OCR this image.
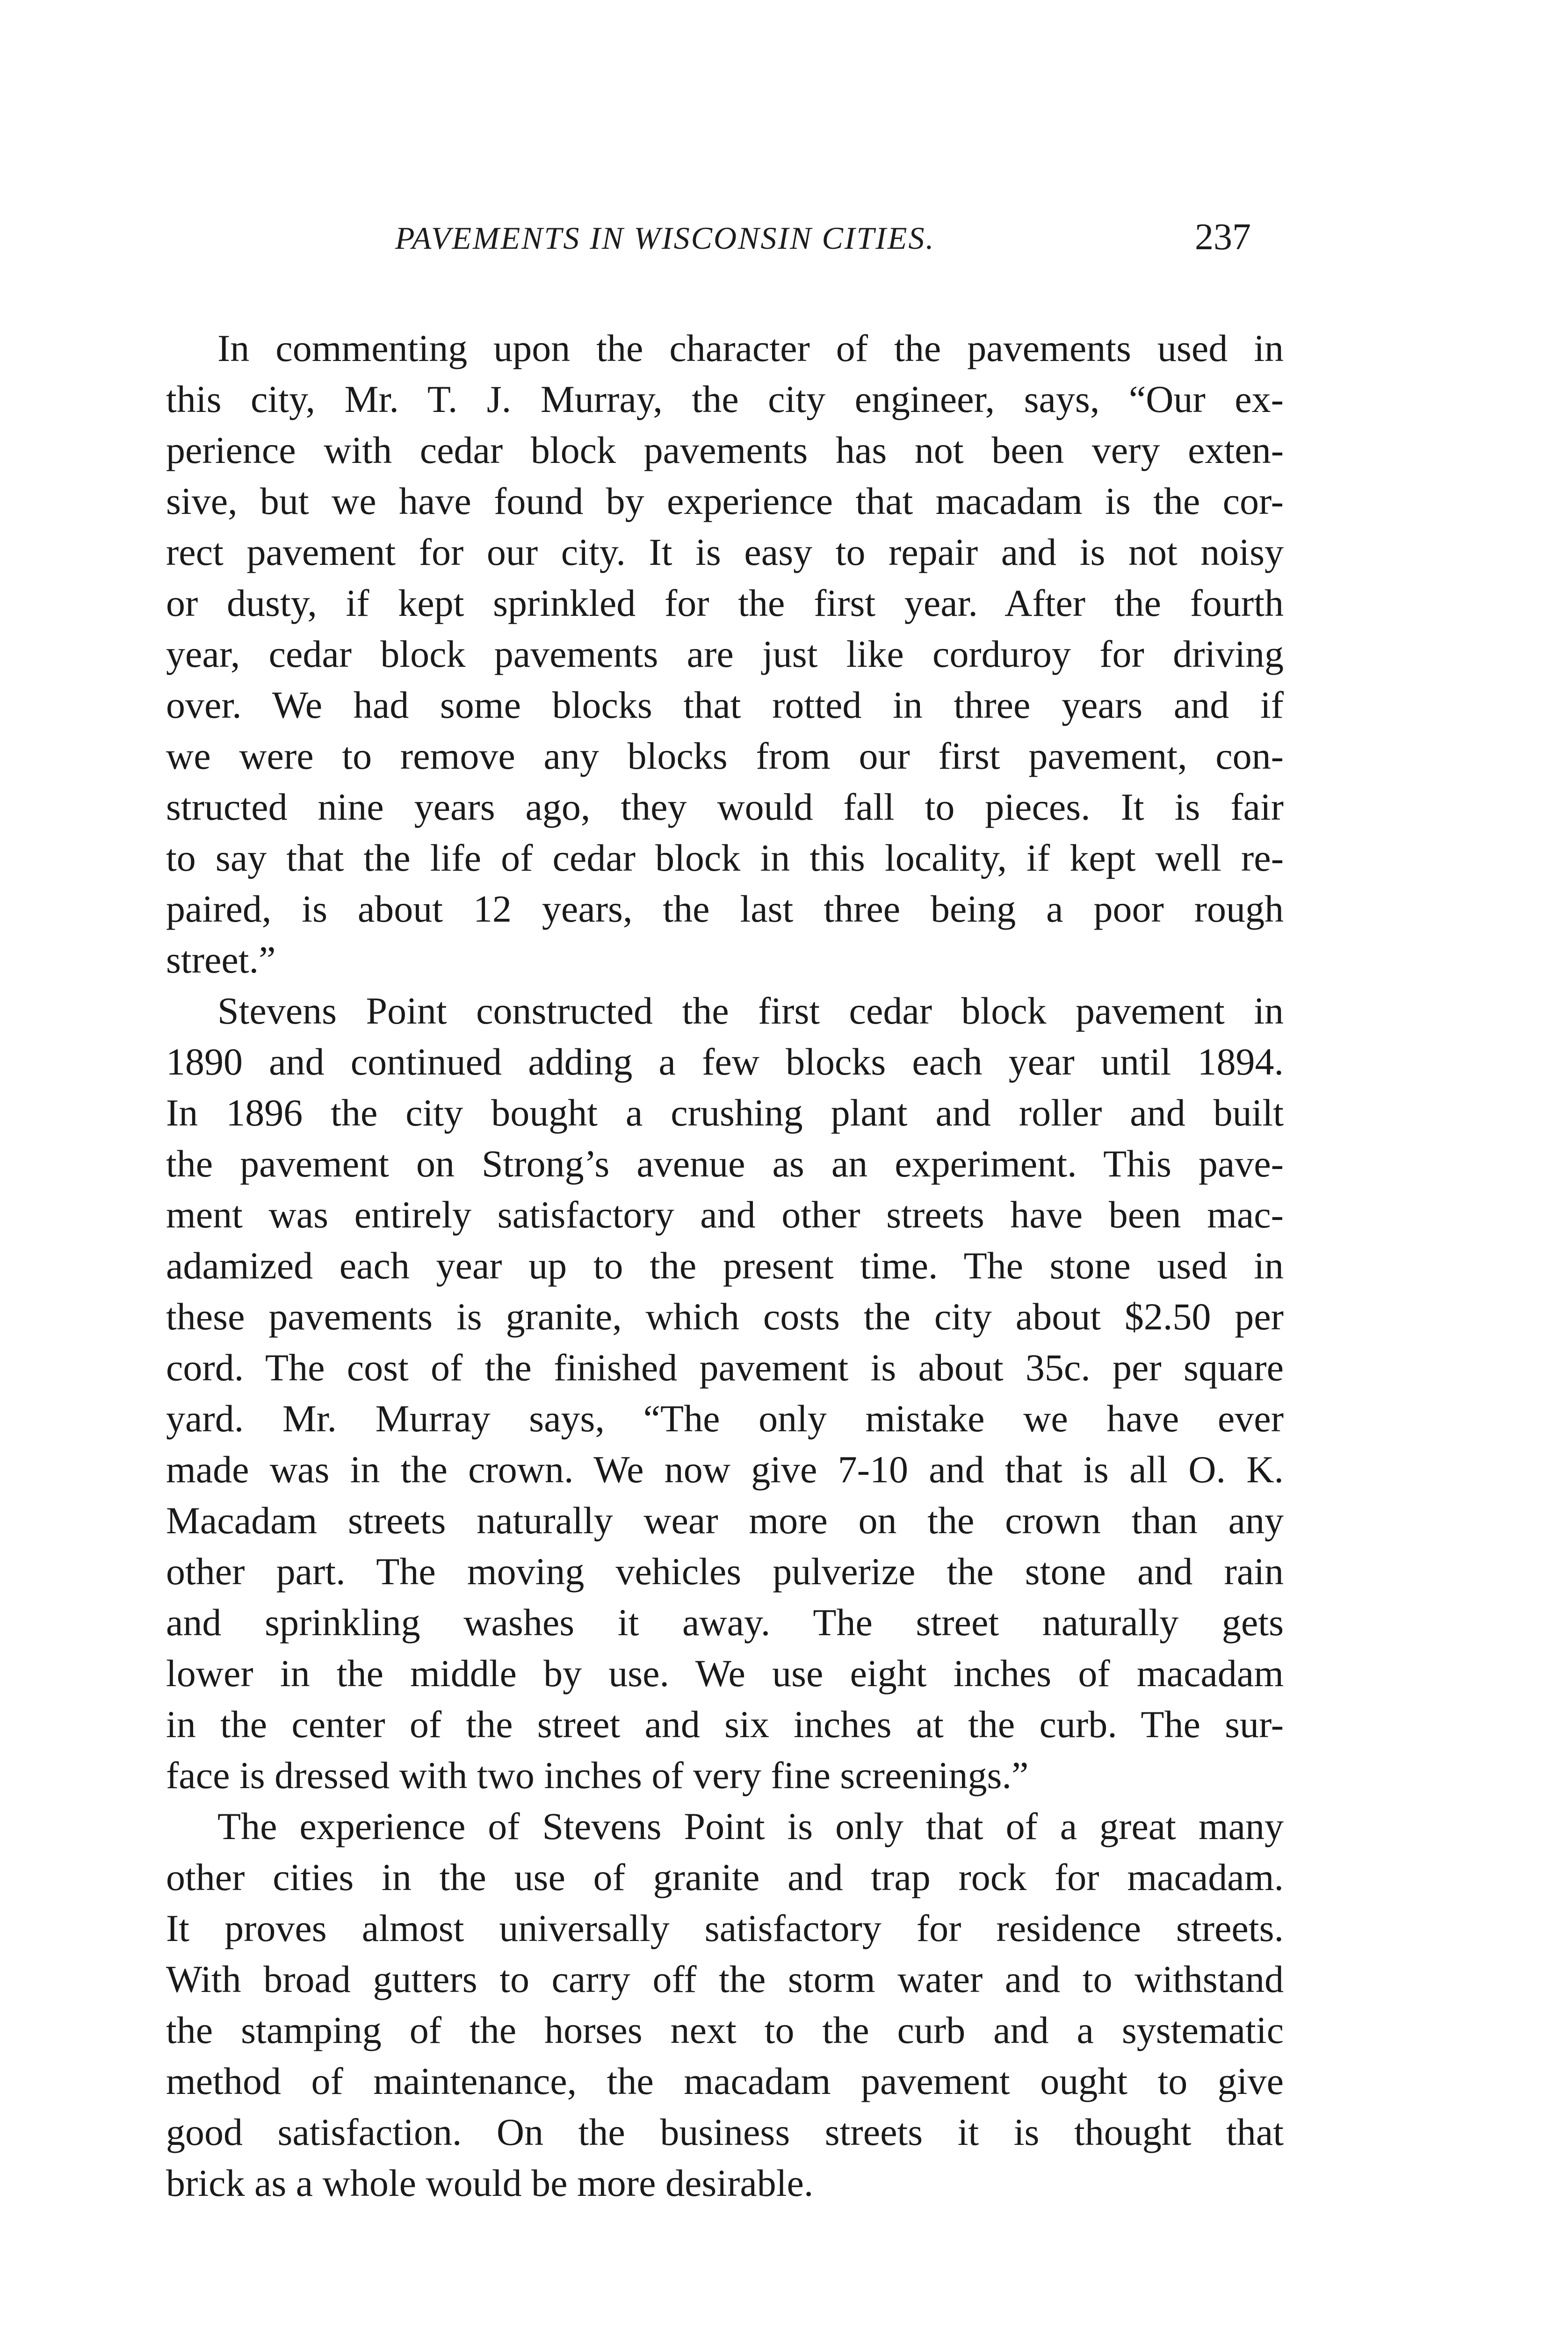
PAVEMENTS IN WISCONSIN CITIES.	237
In commenting upon the character of the pavements used in
this city, Mr. T. J. Murray, the city engineer, says, “Our ex-
perience with cedar block pavements has not been very exten-
sive, but we have found by experience that macadam is the cor-
rect pavement for our city. It is easy to repair and is not noisy
or dusty, if kept sprinkled for the first year. After the fourth
year, cedar block pavements are just like corduroy for driving
over. We had some blocks that rotted in three years and if
we were to remove any blocks from our first pavement, con-
structed nine years ago, they would fall to pieces. It is fair
to say that the life of cedar block in this locality, if kept well re-
paired, is about 12 years, the last three being a poor rough
street.”
Stevens Point constructed the first cedar block pavement in
1890 and continued adding a few blocks each year until 1894.
In 1896 the city bought a crushing plant and roller and built
the pavement on Strong’s avenue as an experiment. This pave-
ment was entirely satisfactory and other streets have been mac-
adamized each year up to the present time. The stone used in
these pavements is granite, which costs the city about $2.50 per
cord. The cost of the finished pavement is about 35c. per square
yard. Mr. Murray says, “The only mistake we have ever
made was in the crown. We now give 7-10 and that is all O. K.
Macadam streets naturally wear more on the crown than any
other part. The moving vehicles pulverize the stone and rain
and sprinkling washes it away. The street naturally gets
lower in the middle by use. We use eight inches of macadam
in the center of the street and six inches at the curb. The sur-
face is dressed with two inches of very fine screenings.”
The experience of Stevens Point is only that of a great many
other cities in the use of granite and trap rock for macadam.
It proves almost universally satisfactory for residence streets.
With broad gutters to carry off the storm water and to withstand
the stamping of the horses next to the curb and a systematic
method of maintenance, the macadam pavement ought to give
good satisfaction. On the business streets it is thought that
brick as a whole would be more desirable.
